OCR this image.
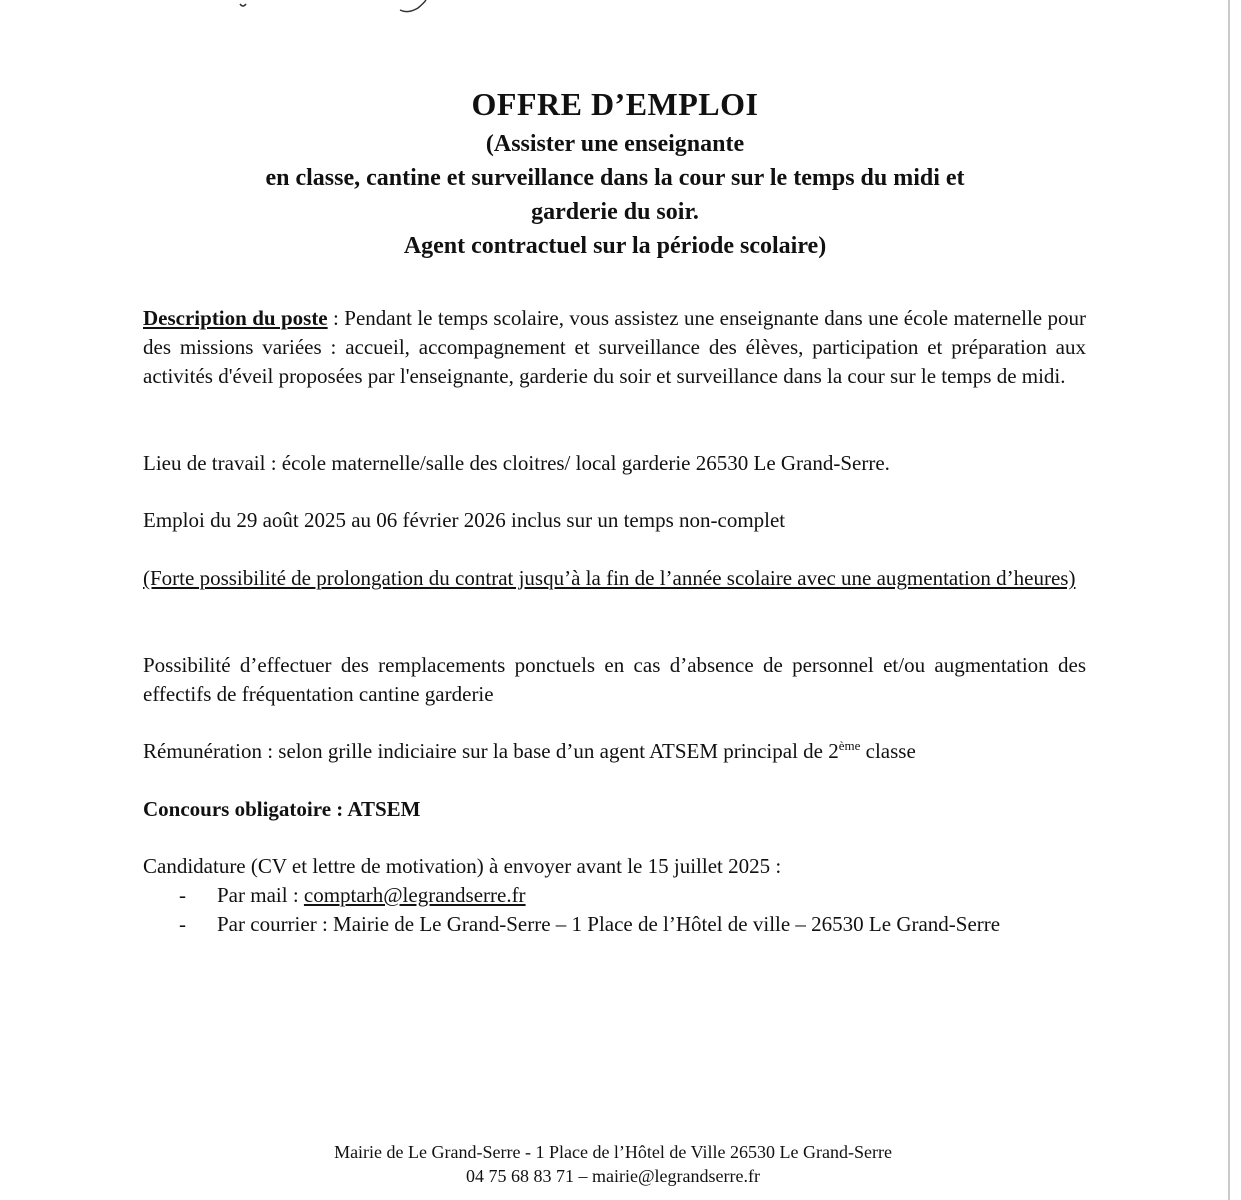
OFFRE D’EMPLOI
(Assister une enseignante
en classe, cantine et surveillance dans la cour sur le temps du midi et
garderie du soir.
Agent contractuel sur la période scolaire)
Description du poste : Pendant le temps scolaire, vous assistez une enseignante dans une école maternelle pour des missions variées : accueil, accompagnement et surveillance des élèves, participation et préparation aux activités d'éveil proposées par l'enseignante, garderie du soir et surveillance dans la cour sur le temps de midi.
Lieu de travail : école maternelle/salle des cloitres/ local garderie 26530 Le Grand-Serre.
Emploi du 29 août 2025 au 06 février 2026 inclus sur un temps non-complet
(Forte possibilité de prolongation du contrat jusqu’à la fin de l’année scolaire avec une augmentation d’heures)
Possibilité d’effectuer des remplacements ponctuels en cas d’absence de personnel et/ou augmentation des effectifs de fréquentation cantine garderie
Rémunération : selon grille indiciaire sur la base d’un agent ATSEM principal de 2ème classe
Concours obligatoire : ATSEM
Candidature (CV et lettre de motivation) à envoyer avant le 15 juillet 2025 :
- Par mail : comptarh@legrandserre.fr
- Par courrier : Mairie de Le Grand-Serre – 1 Place de l’Hôtel de ville – 26530 Le Grand-Serre
Mairie de Le Grand-Serre - 1 Place de l’Hôtel de Ville 26530 Le Grand-Serre
04 75 68 83 71 – mairie@legrandserre.fr
